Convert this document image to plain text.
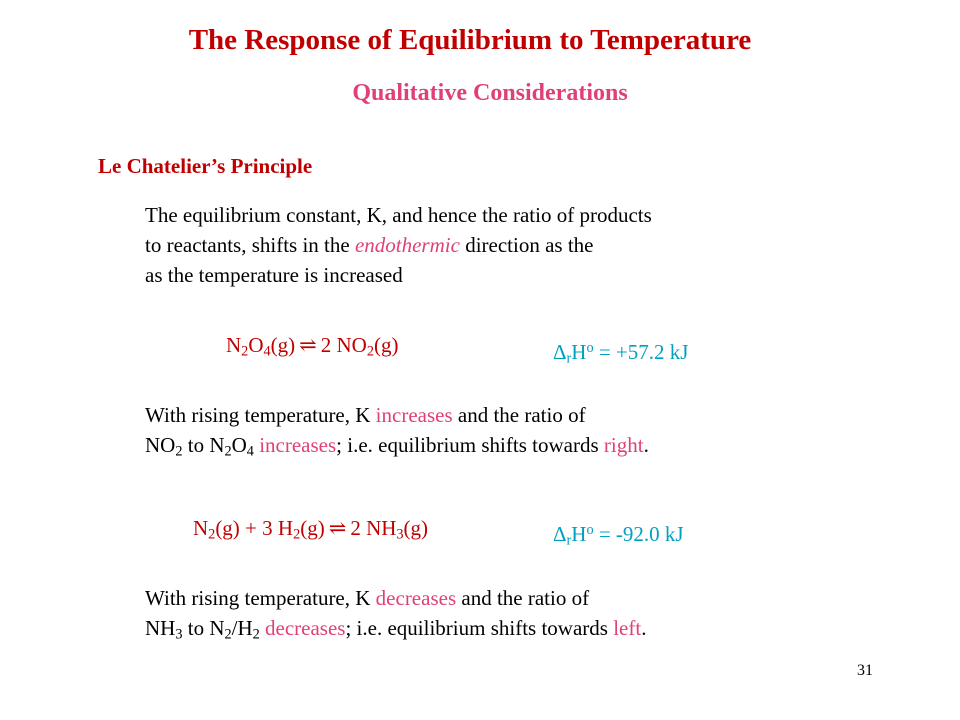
The Response of Equilibrium to Temperature
Qualitative Considerations
Le Chatelier’s Principle
The equilibrium constant, K, and hence the ratio of products
to reactants, shifts in the endothermic direction as the
as the temperature is increased
$N_2O_4(g)$ ⇌ 2 $NO_2(g)$	$\Delta_rH^o = +57.2$ kJ
With rising temperature, K increases and the ratio of
$NO_2$ to $N_2O_4$ increases; i.e. equilibrium shifts towards right.
$N_2(g) + 3$ $H_2(g)$ ⇌ 2 $NH_3(g)$	$\Delta_rH^o = -92.0$ kJ
With rising temperature, K decreases and the ratio of
$NH_3$ to $N_2/H_2$ decreases; i.e. equilibrium shifts towards left.
31
